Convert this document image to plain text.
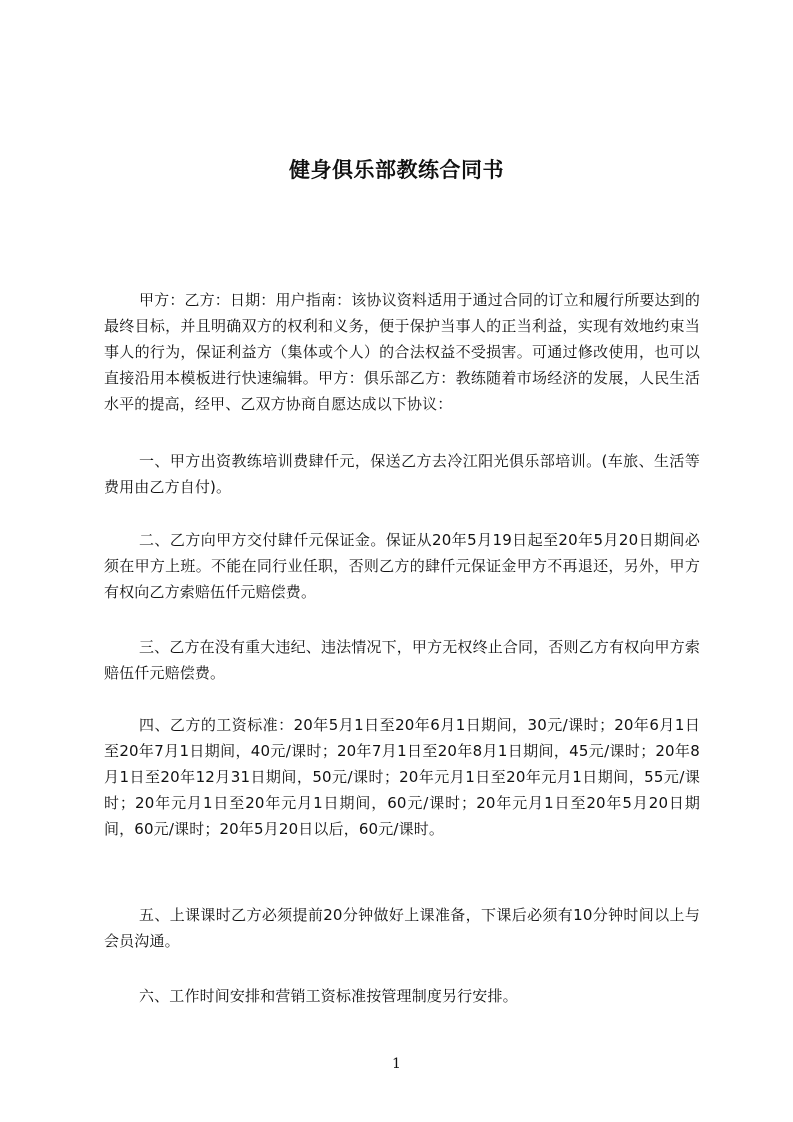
健身俱乐部教练合同书

甲方：乙方：日期：用户指南：该协议资料适用于通过合同的订立和履行所要达到的最终目标，并且明确双方的权利和义务，便于保护当事人的正当利益，实现有效地约束当事人的行为，保证利益方（集体或个人）的合法权益不受损害。可通过修改使用，也可以直接沿用本模板进行快速编辑。甲方：俱乐部乙方：教练随着市场经济的发展，人民生活水平的提高，经甲、乙双方协商自愿达成以下协议：

一、甲方出资教练培训费肆仟元，保送乙方去冷江阳光俱乐部培训。(车旅、生活等费用由乙方自付)。

二、乙方向甲方交付肆仟元保证金。保证从20年5月19日起至20年5月20日期间必须在甲方上班。不能在同行业任职，否则乙方的肆仟元保证金甲方不再退还，另外，甲方有权向乙方索赔伍仟元赔偿费。

三、乙方在没有重大违纪、违法情况下，甲方无权终止合同，否则乙方有权向甲方索赔伍仟元赔偿费。

四、乙方的工资标准：20年5月1日至20年6月1日期间，30元/课时；20年6月1日至20年7月1日期间，40元/课时；20年7月1日至20年8月1日期间，45元/课时；20年8月1日至20年12月31日期间，50元/课时；20年元月1日至20年元月1日期间，55元/课时；20年元月1日至20年元月1日期间，60元/课时；20年元月1日至20年5月20日期间，60元/课时；20年5月20日以后，60元/课时。

五、上课课时乙方必须提前20分钟做好上课准备，下课后必须有10分钟时间以上与会员沟通。

六、工作时间安排和营销工资标准按管理制度另行安排。

1
